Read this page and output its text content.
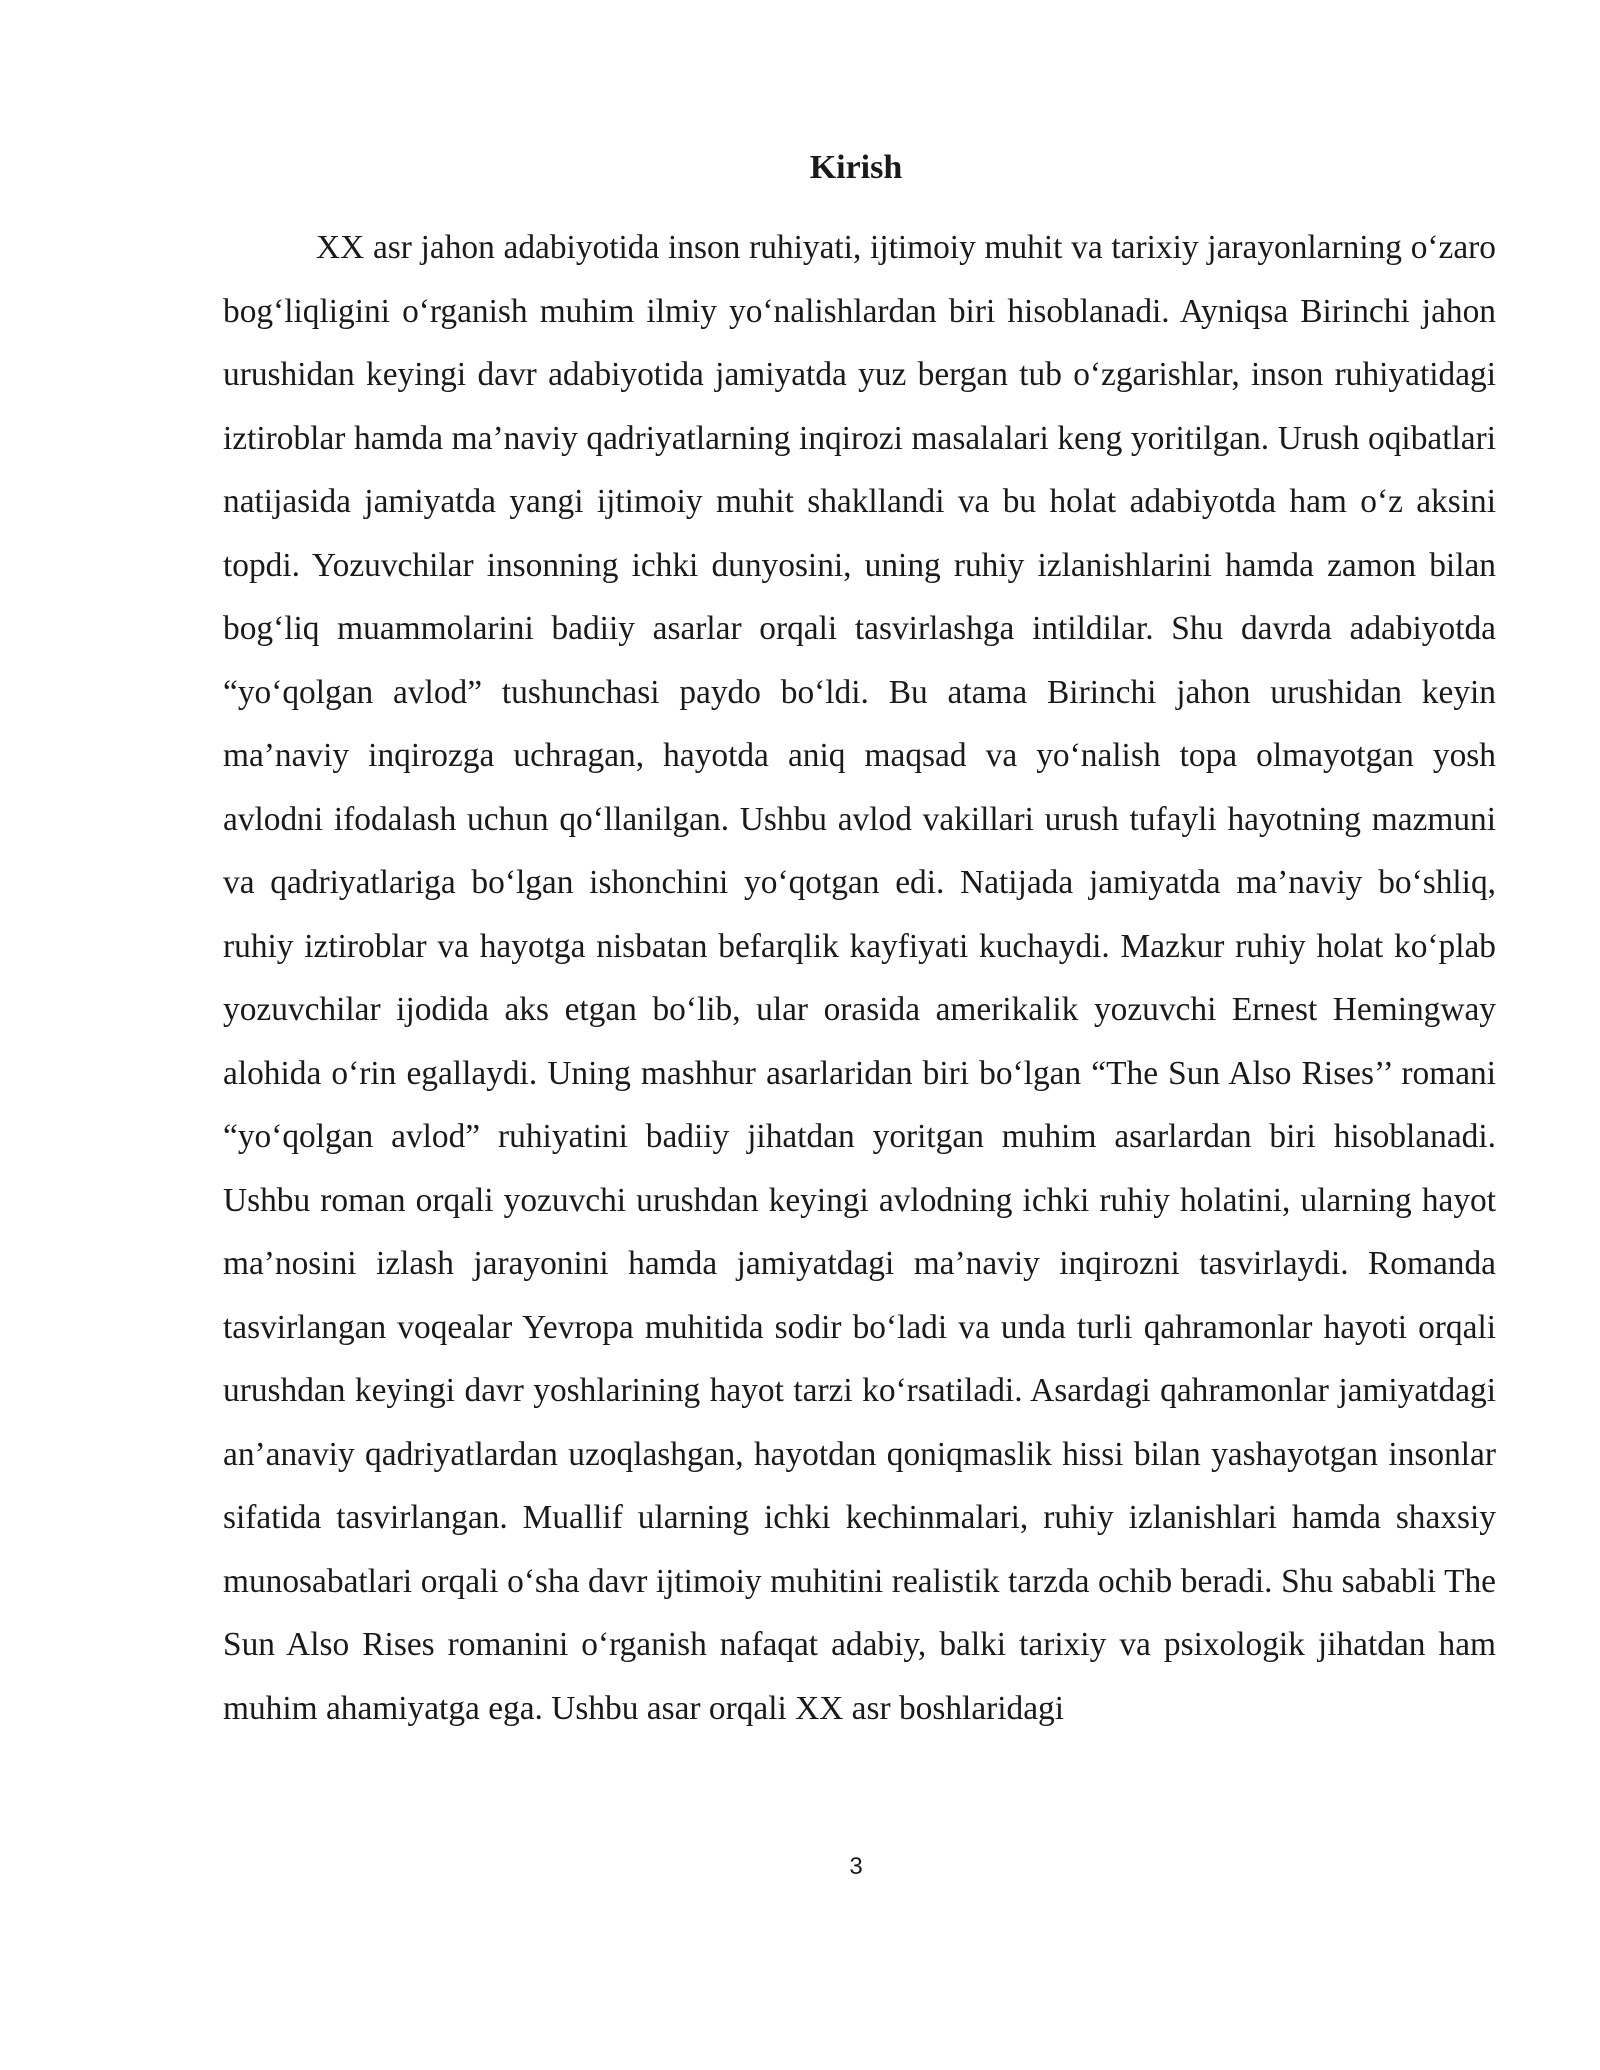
Kirish

XX asr jahon adabiyotida inson ruhiyati, ijtimoiy muhit va tarixiy jarayonlarning o‘zaro bog‘liqligini o‘rganish muhim ilmiy yo‘nalishlardan biri hisoblanadi. Ayniqsa Birinchi jahon urushidan keyingi davr adabiyotida jamiyatda yuz bergan tub o‘zgarishlar, inson ruhiyatidagi iztiroblar hamda ma’naviy qadriyatlarning inqirozi masalalari keng yoritilgan. Urush oqibatlari natijasida jamiyatda yangi ijtimoiy muhit shakllandi va bu holat adabiyotda ham o‘z aksini topdi. Yozuvchilar insonning ichki dunyosini, uning ruhiy izlanishlarini hamda zamon bilan bog‘liq muammolarini badiiy asarlar orqali tasvirlashga intildilar. Shu davrda adabiyotda “yo‘qolgan avlod” tushunchasi paydo bo‘ldi. Bu atama Birinchi jahon urushidan keyin ma’naviy inqirozga uchragan, hayotda aniq maqsad va yo‘nalish topa olmayotgan yosh avlodni ifodalash uchun qo‘llanilgan. Ushbu avlod vakillari urush tufayli hayotning mazmuni va qadriyatlariga bo‘lgan ishonchini yo‘qotgan edi. Natijada jamiyatda ma’naviy bo‘shliq, ruhiy iztiroblar va hayotga nisbatan befarqlik kayfiyati kuchaydi. Mazkur ruhiy holat ko‘plab yozuvchilar ijodida aks etgan bo‘lib, ular orasida amerikalik yozuvchi Ernest Hemingway alohida o‘rin egallaydi. Uning mashhur asarlaridan biri bo‘lgan “The Sun Also Rises’’ romani “yo‘qolgan avlod” ruhiyatini badiiy jihatdan yoritgan muhim asarlardan biri hisoblanadi. Ushbu roman orqali yozuvchi urushdan keyingi avlodning ichki ruhiy holatini, ularning hayot ma’nosini izlash jarayonini hamda jamiyatdagi ma’naviy inqirozni tasvirlaydi. Romanda tasvirlangan voqealar Yevropa muhitida sodir bo‘ladi va unda turli qahramonlar hayoti orqali urushdan keyingi davr yoshlarining hayot tarzi ko‘rsatiladi. Asardagi qahramonlar jamiyatdagi an’anaviy qadriyatlardan uzoqlashgan, hayotdan qoniqmaslik hissi bilan yashayotgan insonlar sifatida tasvirlangan. Muallif ularning ichki kechinmalari, ruhiy izlanishlari hamda shaxsiy munosabatlari orqali o‘sha davr ijtimoiy muhitini realistik tarzda ochib beradi. Shu sababli The Sun Also Rises romanini o‘rganish nafaqat adabiy, balki tarixiy va psixologik jihatdan ham muhim ahamiyatga ega. Ushbu asar orqali XX asr boshlaridagi

3
